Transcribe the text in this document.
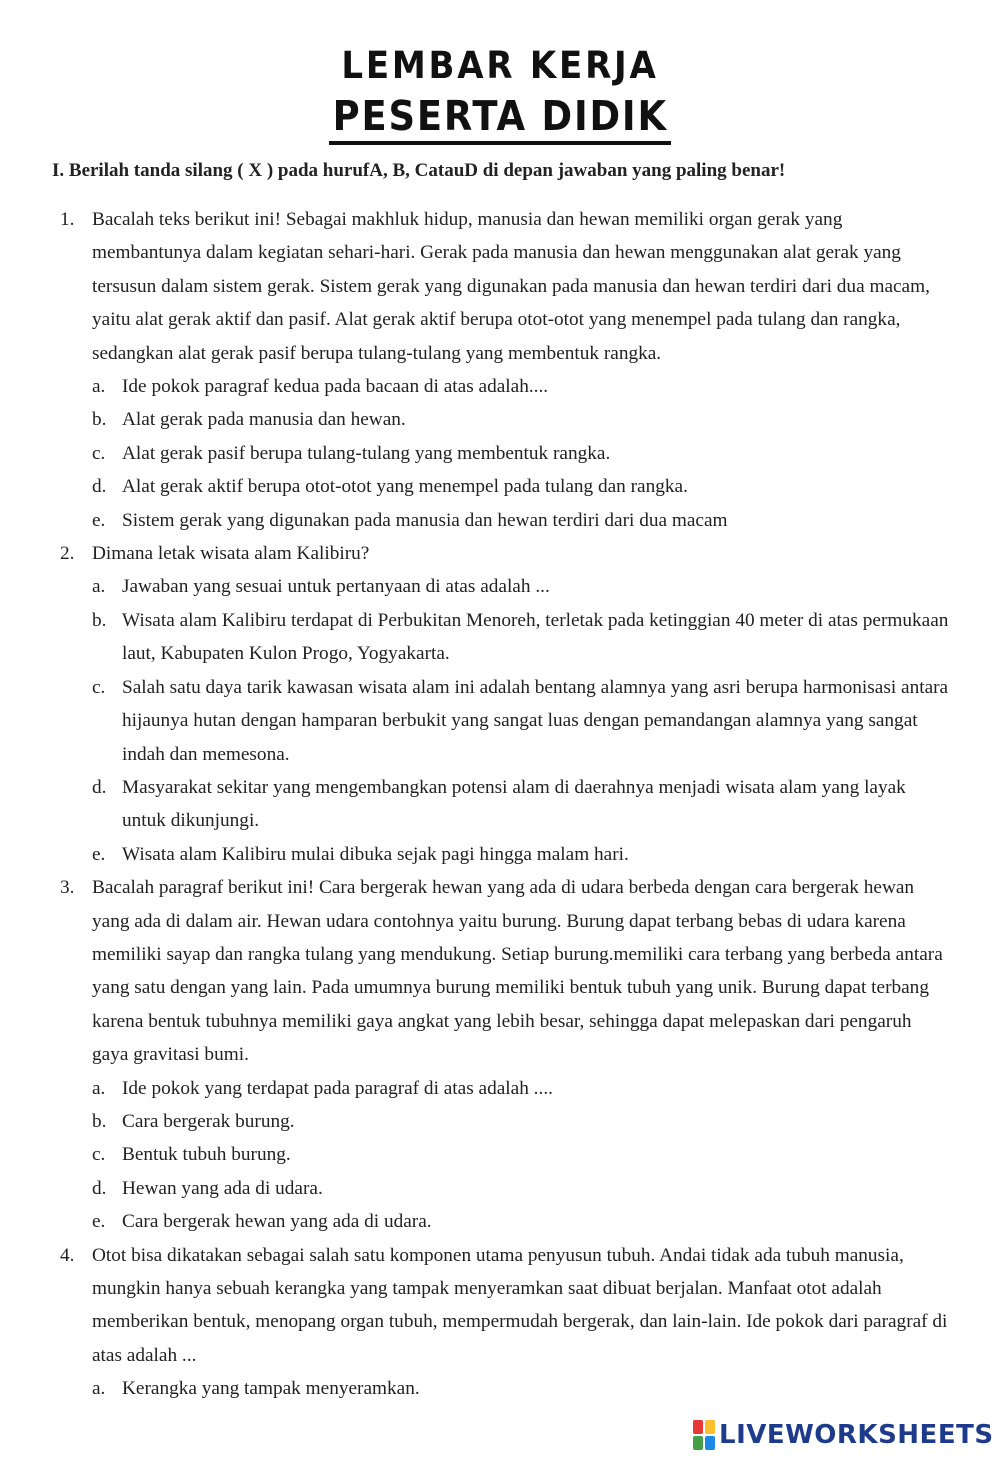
LEMBAR KERJA
PESERTA DIDIK
I. Berilah tanda silang ( X ) pada hurufA, B, CatauD di depan jawaban yang paling benar!
1. Bacalah teks berikut ini! Sebagai makhluk hidup, manusia dan hewan memiliki organ gerak yang membantunya dalam kegiatan sehari-hari. Gerak pada manusia dan hewan menggunakan alat gerak yang tersusun dalam sistem gerak. Sistem gerak yang digunakan pada manusia dan hewan terdiri dari dua macam, yaitu alat gerak aktif dan pasif. Alat gerak aktif berupa otot-otot yang menempel pada tulang dan rangka, sedangkan alat gerak pasif berupa tulang-tulang yang membentuk rangka.
a. Ide pokok paragraf kedua pada bacaan di atas adalah....
b. Alat gerak pada manusia dan hewan.
c. Alat gerak pasif berupa tulang-tulang yang membentuk rangka.
d. Alat gerak aktif berupa otot-otot yang menempel pada tulang dan rangka.
e. Sistem gerak yang digunakan pada manusia dan hewan terdiri dari dua macam
2. Dimana letak wisata alam Kalibiru?
a. Jawaban yang sesuai untuk pertanyaan di atas adalah ...
b. Wisata alam Kalibiru terdapat di Perbukitan Menoreh, terletak pada ketinggian 40 meter di atas permukaan laut, Kabupaten Kulon Progo, Yogyakarta.
c. Salah satu daya tarik kawasan wisata alam ini adalah bentang alamnya yang asri berupa harmonisasi antara hijaunya hutan dengan hamparan berbukit yang sangat luas dengan pemandangan alamnya yang sangat indah dan memesona.
d. Masyarakat sekitar yang mengembangkan potensi alam di daerahnya menjadi wisata alam yang layak untuk dikunjungi.
e. Wisata alam Kalibiru mulai dibuka sejak pagi hingga malam hari.
3. Bacalah paragraf berikut ini! Cara bergerak hewan yang ada di udara berbeda dengan cara bergerak hewan yang ada di dalam air. Hewan udara contohnya yaitu burung. Burung dapat terbang bebas di udara karena memiliki sayap dan rangka tulang yang mendukung. Setiap burung.memiliki cara terbang yang berbeda antara yang satu dengan yang lain. Pada umumnya burung memiliki bentuk tubuh yang unik. Burung dapat terbang karena bentuk tubuhnya memiliki gaya angkat yang lebih besar, sehingga dapat melepaskan dari pengaruh gaya gravitasi bumi.
a. Ide pokok yang terdapat pada paragraf di atas adalah ....
b. Cara bergerak burung.
c. Bentuk tubuh burung.
d. Hewan yang ada di udara.
e. Cara bergerak hewan yang ada di udara.
4. Otot bisa dikatakan sebagai salah satu komponen utama penyusun tubuh. Andai tidak ada tubuh manusia, mungkin hanya sebuah kerangka yang tampak menyeramkan saat dibuat berjalan. Manfaat otot adalah memberikan bentuk, menopang organ tubuh, mempermudah bergerak, dan lain-lain. Ide pokok dari paragraf di atas adalah ...
a. Kerangka yang tampak menyeramkan.
LIVEWORKSHEETS
